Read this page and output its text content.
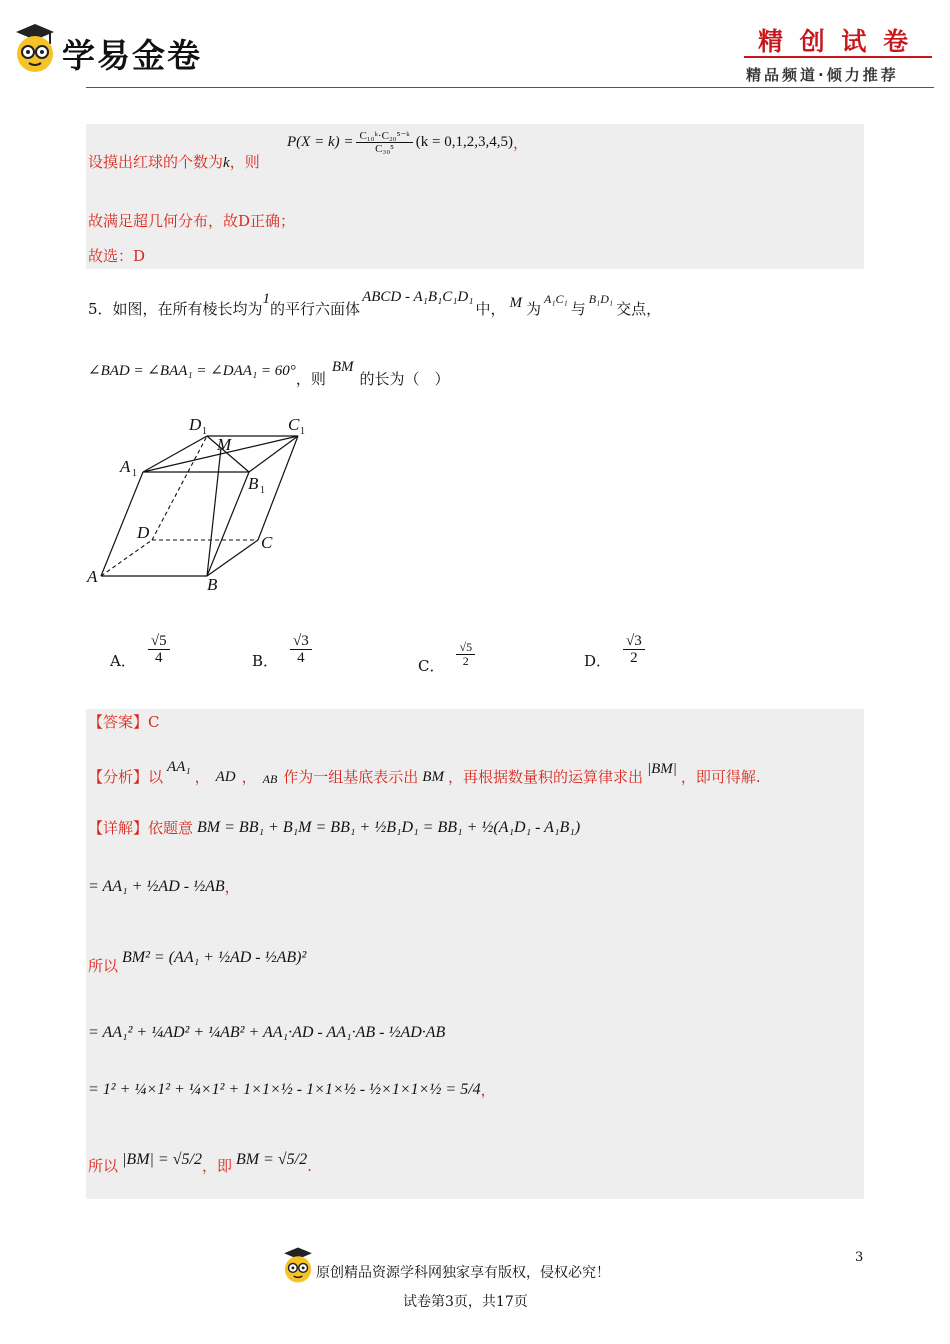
学易金卷	精 创 试 卷
精品频道·倾力推荐
设摸出红球的个数为k，则
$P(X = k) = \frac{\text{C₁₀ᵏ·C₂₀⁵⁻ᵏ}}{\text{C₃₀⁵}} (k = 0,1,2,3,4,5)$ ，
故满足超几何分布，故D正确；
故选：D
5．如图，在所有棱长均为
1
的平行六面体
ABCD - A₁B₁C₁D₁
中， M 为
A₁C₁
与
B₁D₁
交点，
∠BAD = ∠BAA₁ = ∠DAA₁ = 60° ，则
BM
的长为（　）
A	B
C
D
A 1
B 1
D 1	C 1
M
A． $\frac{√5}{4}$	B． $\frac{√3}{4}$	C． $\frac{√5}{2}$	D． $\frac{√3}{2}$
【答案】C
【分析】 以
AA₁
， AD ， AB 作为一组基底表示出 BM ，再根据数量积的运算律求出 |BM| ，即可得解.
【详解】 依题意 BM = BB₁ + B₁M = BB₁ + ½B₁D₁ = BB₁ + ½(A₁D₁ - A₁B₁)
= AA₁ + ½AD - ½AB ，
所以 BM² = (AA₁ + ½AD - ½AB)²
= AA₁² + ¼AD² + ¼AB² + AA₁·AD - AA₁·AB - ½AD·AB
= 1² + ¼×1² + ¼×1² + 1×1×½ - 1×1×½ - ½×1×1×½ = 5/4 ，
所以 |BM| = √5/2 ，即 BM = √5/2 .
3
原创精品资源学科网独家享有版权，侵权必究！
试卷第3页，共17页
